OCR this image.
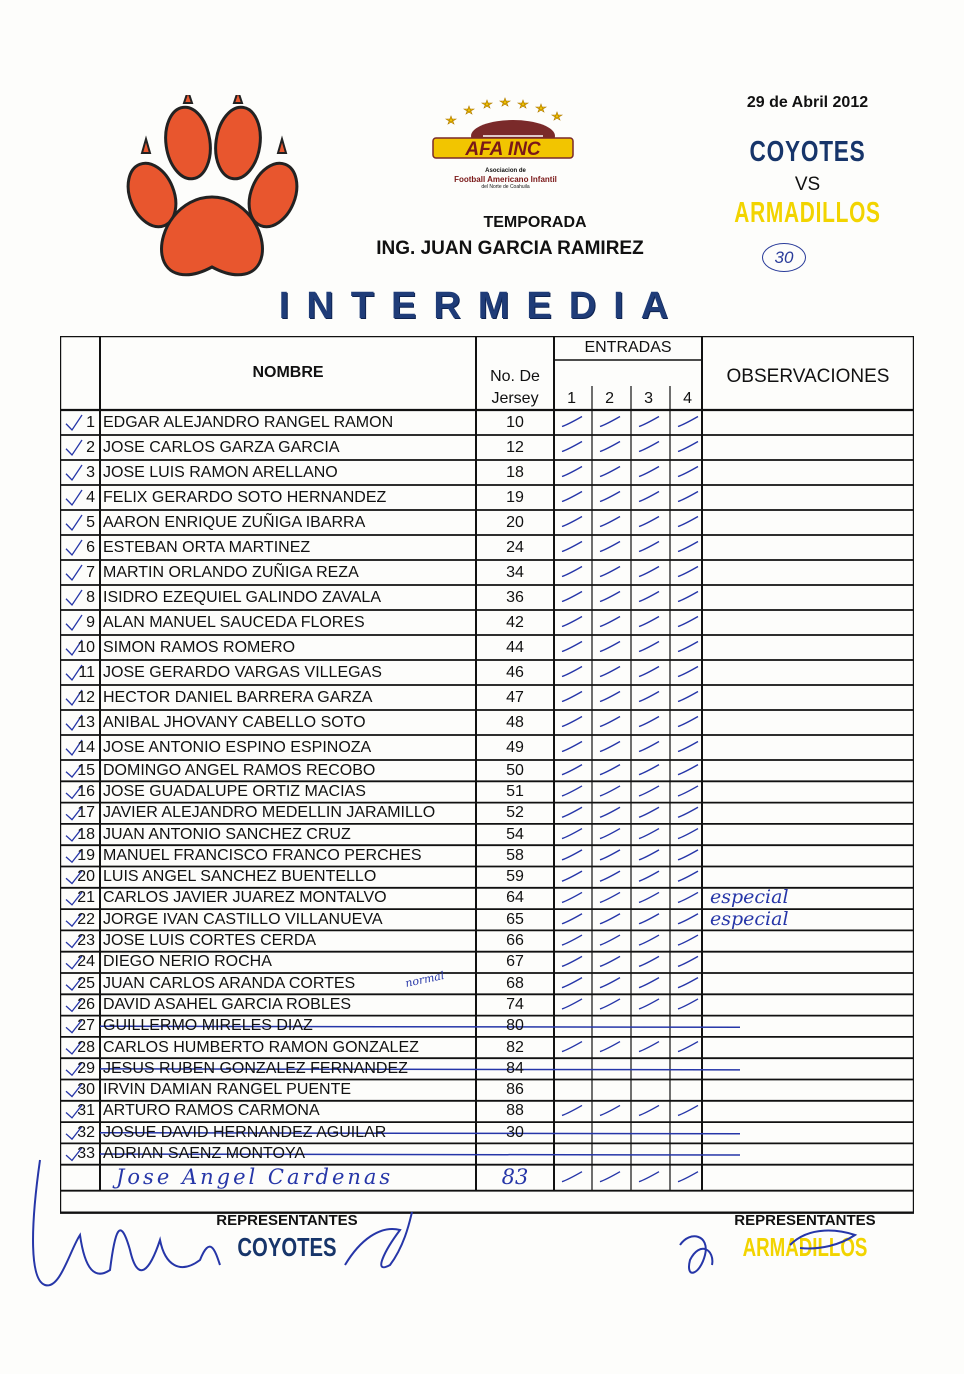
AFA INC
Asociacion de
Football Americano Infantil
del Norte de Coahuila
TEMPORADA
ING. JUAN GARCIA RAMIREZ
INTERMEDIA
29 de Abril 2012
COYOTES
VS
ARMADILLOS
30
NOMBRE	No. De
Jersey
ENTRADAS
1	2	3	4
OBSERVACIONES
1 EDGAR ALEJANDRO RANGEL RAMON	10
2 JOSE CARLOS GARZA GARCIA	12
3 JOSE LUIS RAMON ARELLANO	18
4 FELIX GERARDO SOTO HERNANDEZ	19
5 AARON ENRIQUE ZUÑIGA IBARRA	20
6 ESTEBAN ORTA MARTINEZ	24
7 MARTIN ORLANDO ZUÑIGA REZA	34
8 ISIDRO EZEQUIEL GALINDO ZAVALA	36
9 ALAN MANUEL SAUCEDA FLORES	42
10 SIMON RAMOS ROMERO	44
11 JOSE GERARDO VARGAS VILLEGAS	46
12 HECTOR DANIEL BARRERA GARZA	47
13 ANIBAL JHOVANY CABELLO SOTO	48
14 JOSE ANTONIO ESPINO ESPINOZA	49
15 DOMINGO ANGEL RAMOS RECOBO	50
16 JOSE GUADALUPE ORTIZ MACIAS	51
17 JAVIER ALEJANDRO MEDELLIN JARAMILLO	52
18 JUAN ANTONIO SANCHEZ CRUZ	54
19 MANUEL FRANCISCO FRANCO PERCHES	58
20 LUIS ANGEL SANCHEZ BUENTELLO	59
21 CARLOS JAVIER JUAREZ MONTALVO	64	especial
22 JORGE IVAN CASTILLO VILLANUEVA	65	especial
23 JOSE LUIS CORTES CERDA	66
24 DIEGO NERIO ROCHA	67
25 JUAN CARLOS ARANDA CORTES	68
normal
26 DAVID ASAHEL GARCIA ROBLES	74
27 GUILLERMO MIRELES DIAZ	80
28 CARLOS HUMBERTO RAMON GONZALEZ	82
29 JESUS RUBEN GONZALEZ FERNANDEZ	84
30 IRVIN DAMIAN RANGEL PUENTE	86
31 ARTURO RAMOS CARMONA	88
32 JOSUE DAVID HERNANDEZ AGUILAR	30
33 ADRIAN SAENZ MONTOYA
Jose Angel Cardenas	83
REPRESENTANTES
COYOTES
REPRESENTANTES
ARMADILLOS
